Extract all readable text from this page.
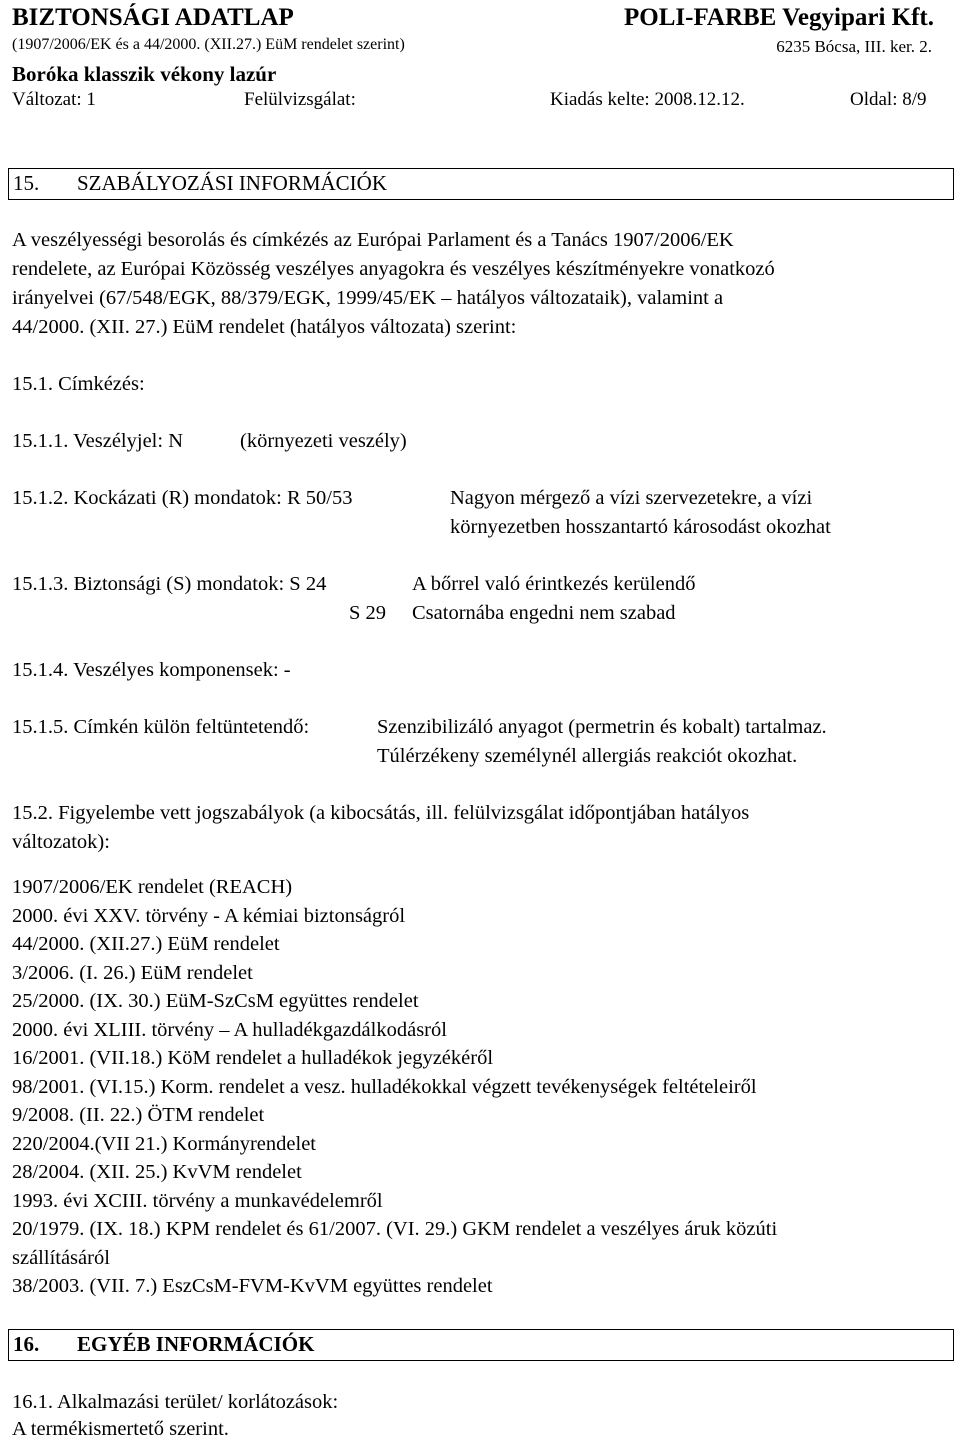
BIZTONSÁGI ADATLAP
(1907/2006/EK és a 44/2000. (XII.27.) EüM rendelet szerint)
POLI-FARBE Vegyipari Kft.
6235 Bócsa, III. ker. 2.
Boróka klasszik vékony lazúr
Változat: 1	Felülvizsgálat:	Kiadás kelte: 2008.12.12.	Oldal: 8/9
15. SZABÁLYOZÁSI INFORMÁCIÓK
A veszélyességi besorolás és címkézés az Európai Parlament és a Tanács 1907/2006/EK
rendelete, az Európai Közösség veszélyes anyagokra és veszélyes készítményekre vonatkozó
irányelvei (67/548/EGK, 88/379/EGK, 1999/45/EK – hatályos változataik), valamint a
44/2000. (XII. 27.) EüM rendelet (hatályos változata) szerint:
15.1. Címkézés:
15.1.1. Veszélyjel: N	(környezeti veszély)
15.1.2. Kockázati (R) mondatok: R 50/53	Nagyon mérgező a vízi szervezetekre, a vízi
környezetben hosszantartó károsodást okozhat
15.1.3. Biztonsági (S) mondatok: S 24	A bőrrel való érintkezés kerülendő
S 29 Csatornába engedni nem szabad
15.1.4. Veszélyes komponensek: -
15.1.5. Címkén külön feltüntetendő:	Szenzibilizáló anyagot (permetrin és kobalt) tartalmaz.
Túlérzékeny személynél allergiás reakciót okozhat.
15.2. Figyelembe vett jogszabályok (a kibocsátás, ill. felülvizsgálat időpontjában hatályos
változatok):
1907/2006/EK rendelet (REACH)
2000. évi XXV. törvény - A kémiai biztonságról
44/2000. (XII.27.) EüM rendelet
3/2006. (I. 26.) EüM rendelet
25/2000. (IX. 30.) EüM-SzCsM együttes rendelet
2000. évi XLIII. törvény – A hulladékgazdálkodásról
16/2001. (VII.18.) KöM rendelet a hulladékok jegyzékéről
98/2001. (VI.15.) Korm. rendelet a vesz. hulladékokkal végzett tevékenységek feltételeiről
9/2008. (II. 22.) ÖTM rendelet
220/2004.(VII 21.) Kormányrendelet
28/2004. (XII. 25.) KvVM rendelet
1993. évi XCIII. törvény a munkavédelemről
20/1979. (IX. 18.) KPM rendelet és 61/2007. (VI. 29.) GKM rendelet a veszélyes áruk közúti
szállításáról
38/2003. (VII. 7.) EszCsM-FVM-KvVM együttes rendelet
16. EGYÉB INFORMÁCIÓK
16.1. Alkalmazási terület/ korlátozások:
A termékismertető szerint.
